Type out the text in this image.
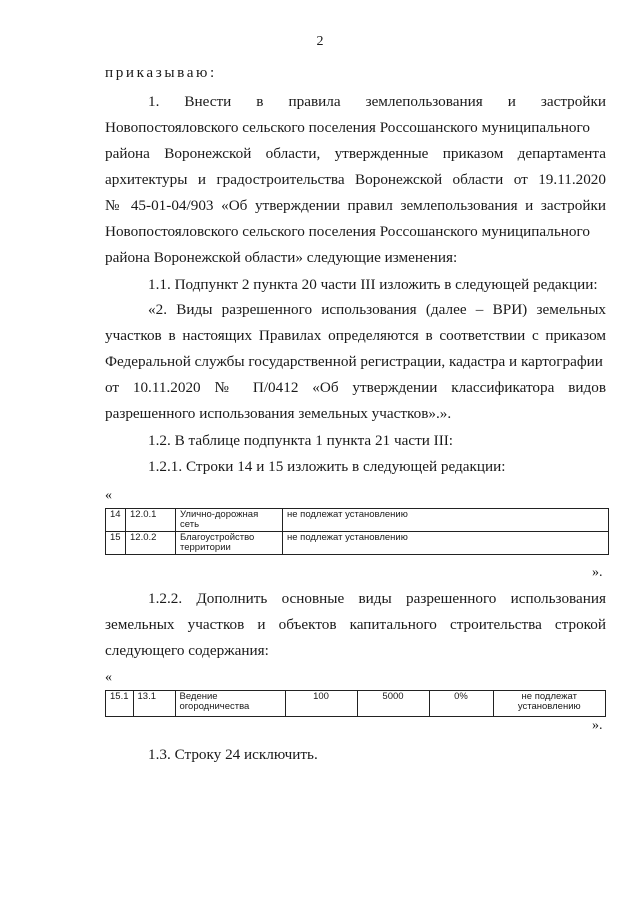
2
приказываю:
1. Внести в правила землепользования и застройки
Новопостояловского сельского поселения Россошанского муниципального
района Воронежской области, утвержденные приказом департамента
архитектуры и градостроительства Воронежской области от 19.11.2020
№ 45-01-04/903 «Об утверждении правил землепользования и застройки
Новопостояловского сельского поселения Россошанского муниципального
района Воронежской области» следующие изменения:
1.1. Подпункт 2 пункта 20 части III изложить в следующей редакции:
«2. Виды разрешенного использования (далее – ВРИ) земельных
участков в настоящих Правилах определяются в соответствии с приказом
Федеральной службы государственной регистрации, кадастра и картографии
от 10.11.2020 № П/0412 «Об утверждении классификатора видов
разрешенного использования земельных участков».».
1.2. В таблице подпункта 1 пункта 21 части III:
1.2.1. Строки 14 и 15 изложить в следующей редакции:
«
14	12.0.1	Улично-дорожная сеть	не подлежат установлению
15	12.0.2	Благоустройство территории	не подлежат установлению
».
1.2.2. Дополнить основные виды разрешенного использования
земельных участков и объектов капитального строительства строкой
следующего содержания:
«
15.1	13.1	Ведение огородничества	100	5000	0%	не подлежат установлению
».
1.3. Строку 24 исключить.
